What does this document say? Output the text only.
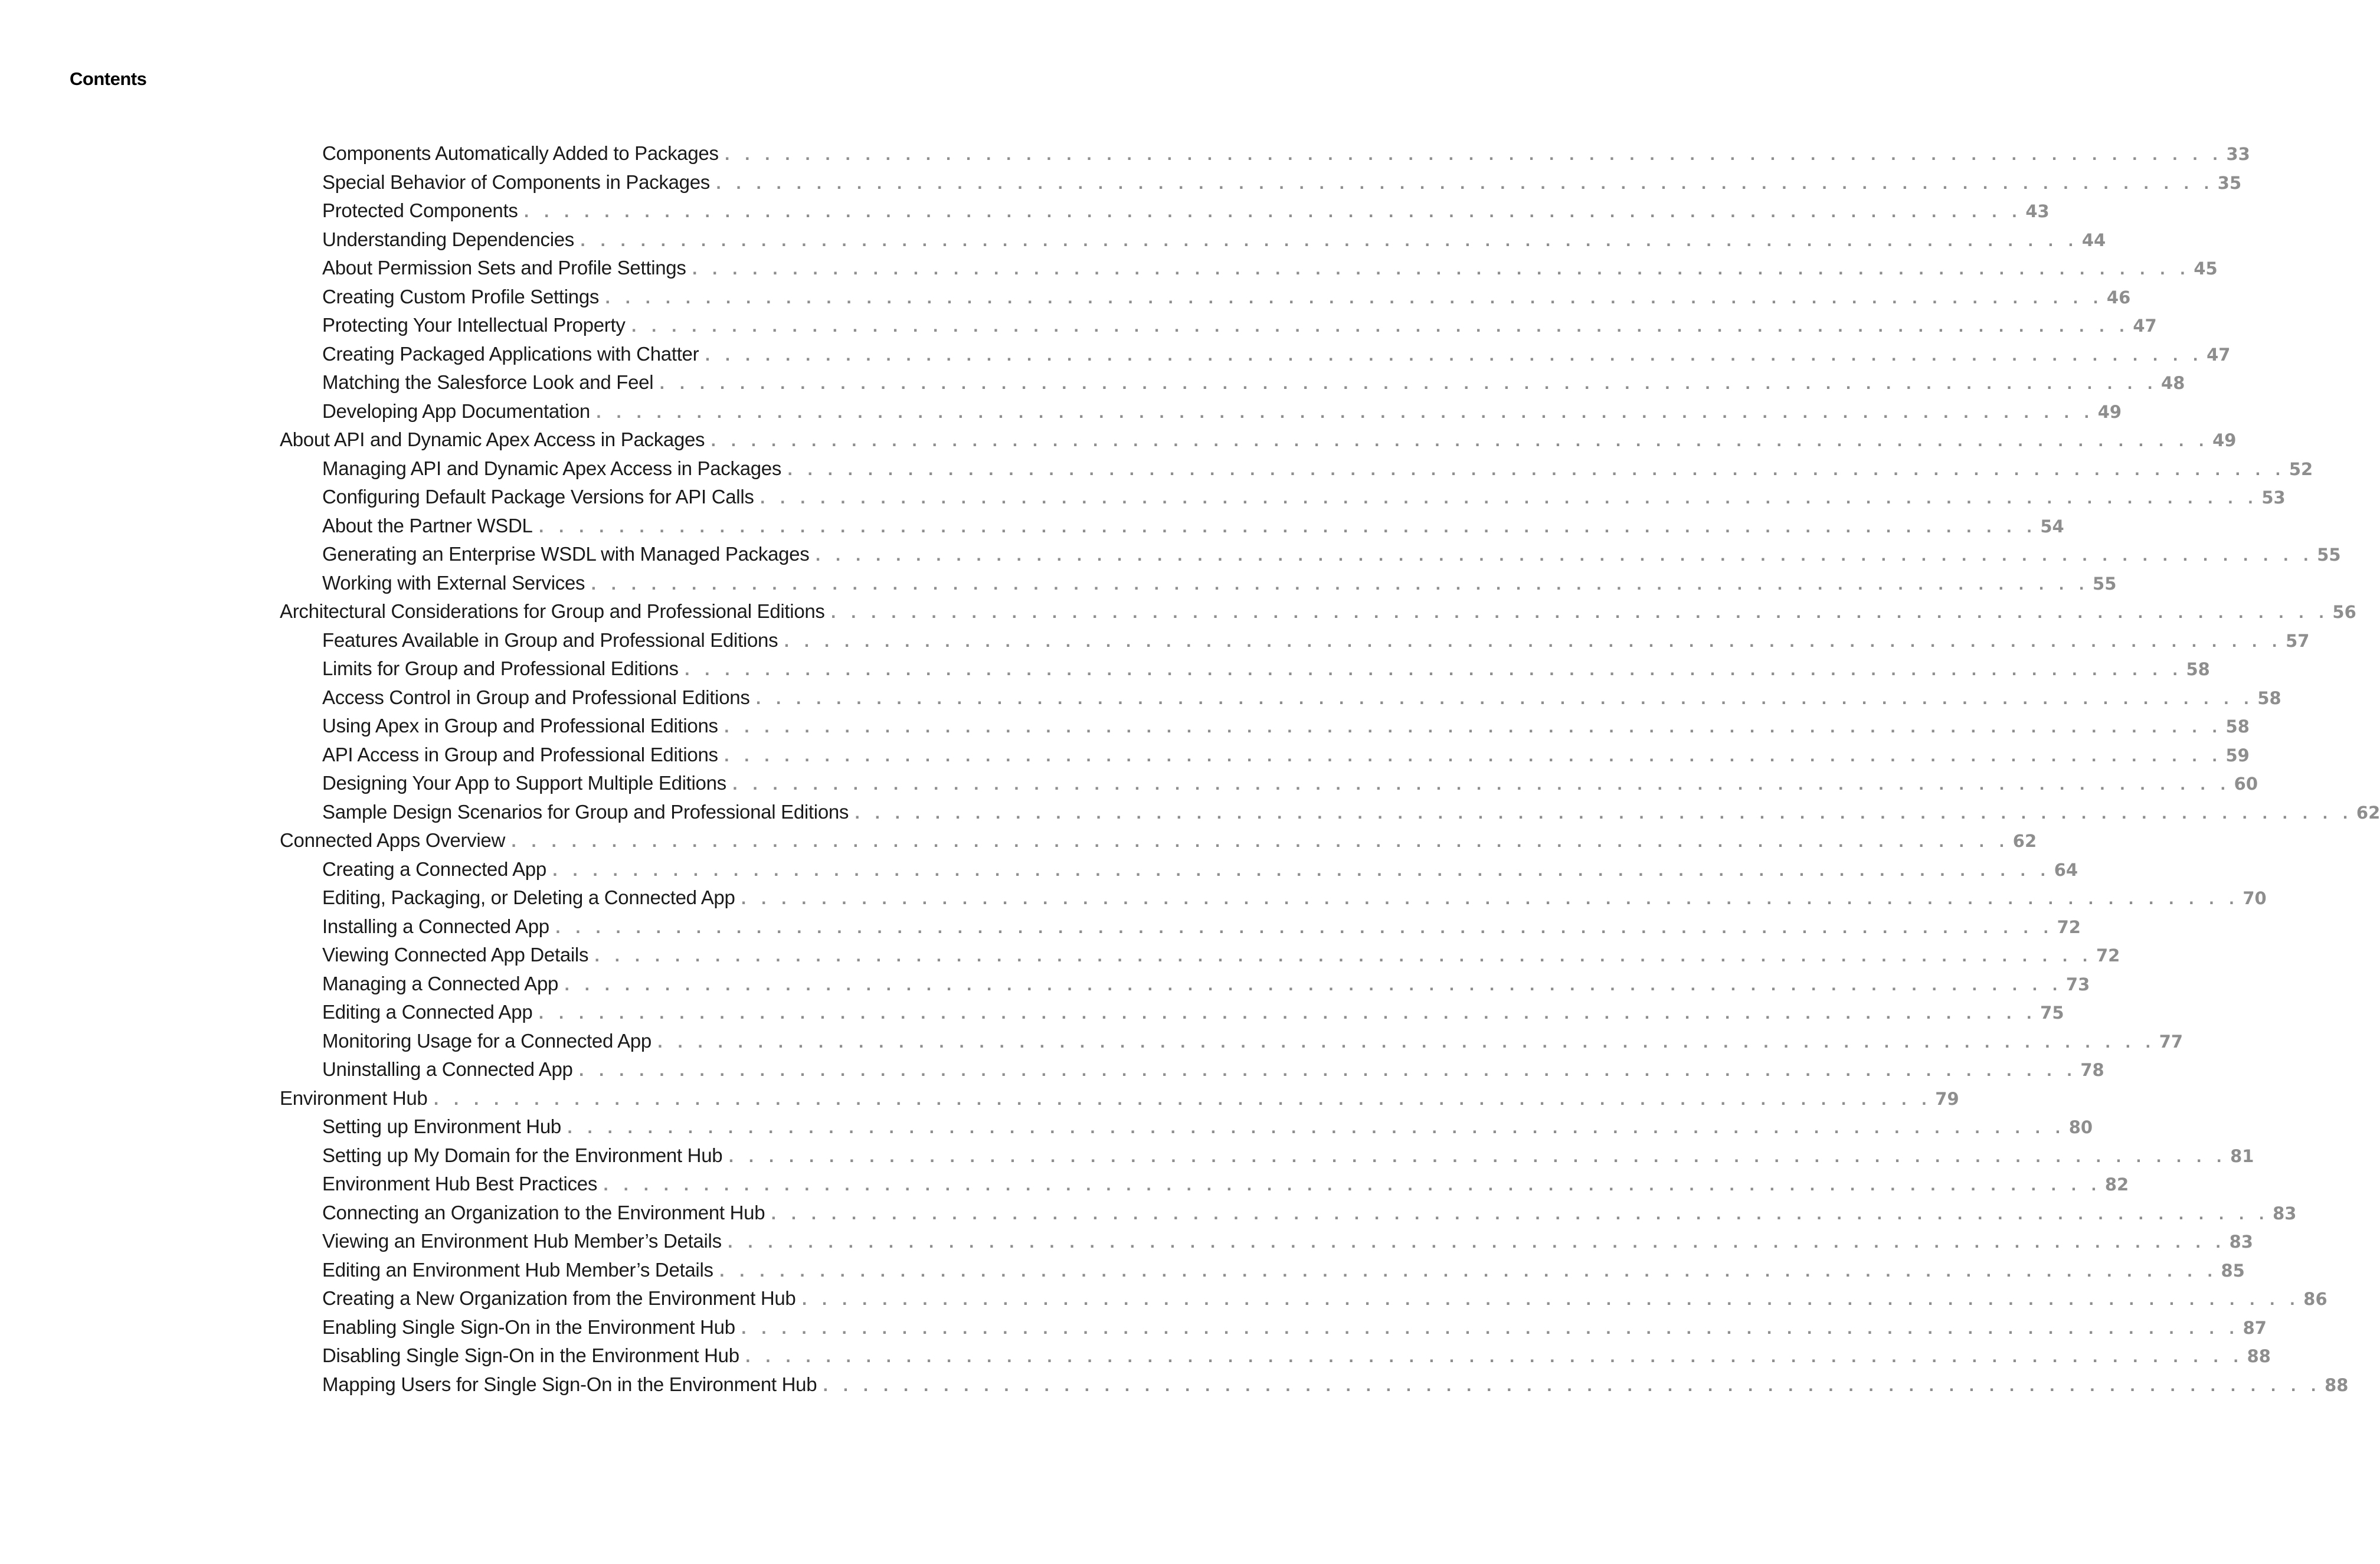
Contents
Components Automatically Added to Packages . . . . . . . . . . . . . . . . . . . . . . . . . . . . . . . . . . . . . . . . . . . . . . . . . . . . . . . . . . . . . . . . . . . . . . . . . . . 33
Special Behavior of Components in Packages . . . . . . . . . . . . . . . . . . . . . . . . . . . . . . . . . . . . . . . . . . . . . . . . . . . . . . . . . . . . . . . . . . . . . . . . . . . 35
Protected Components . . . . . . . . . . . . . . . . . . . . . . . . . . . . . . . . . . . . . . . . . . . . . . . . . . . . . . . . . . . . . . . . . . . . . . . . . . . 43
Understanding Dependencies . . . . . . . . . . . . . . . . . . . . . . . . . . . . . . . . . . . . . . . . . . . . . . . . . . . . . . . . . . . . . . . . . . . . . . . . . . . 44
About Permission Sets and Profile Settings . . . . . . . . . . . . . . . . . . . . . . . . . . . . . . . . . . . . . . . . . . . . . . . . . . . . . . . . . . . . . . . . . . . . . . . . . . . 45
Creating Custom Profile Settings . . . . . . . . . . . . . . . . . . . . . . . . . . . . . . . . . . . . . . . . . . . . . . . . . . . . . . . . . . . . . . . . . . . . . . . . . . . 46
Protecting Your Intellectual Property . . . . . . . . . . . . . . . . . . . . . . . . . . . . . . . . . . . . . . . . . . . . . . . . . . . . . . . . . . . . . . . . . . . . . . . . . . . 47
Creating Packaged Applications with Chatter . . . . . . . . . . . . . . . . . . . . . . . . . . . . . . . . . . . . . . . . . . . . . . . . . . . . . . . . . . . . . . . . . . . . . . . . . . . 47
Matching the Salesforce Look and Feel . . . . . . . . . . . . . . . . . . . . . . . . . . . . . . . . . . . . . . . . . . . . . . . . . . . . . . . . . . . . . . . . . . . . . . . . . . . 48
Developing App Documentation . . . . . . . . . . . . . . . . . . . . . . . . . . . . . . . . . . . . . . . . . . . . . . . . . . . . . . . . . . . . . . . . . . . . . . . . . . . 49
About API and Dynamic Apex Access in Packages . . . . . . . . . . . . . . . . . . . . . . . . . . . . . . . . . . . . . . . . . . . . . . . . . . . . . . . . . . . . . . . . . . . . . . . . . . . 49
Managing API and Dynamic Apex Access in Packages . . . . . . . . . . . . . . . . . . . . . . . . . . . . . . . . . . . . . . . . . . . . . . . . . . . . . . . . . . . . . . . . . . . . . . . . . . . 52
Configuring Default Package Versions for API Calls . . . . . . . . . . . . . . . . . . . . . . . . . . . . . . . . . . . . . . . . . . . . . . . . . . . . . . . . . . . . . . . . . . . . . . . . . . . 53
About the Partner WSDL . . . . . . . . . . . . . . . . . . . . . . . . . . . . . . . . . . . . . . . . . . . . . . . . . . . . . . . . . . . . . . . . . . . . . . . . . . . 54
Generating an Enterprise WSDL with Managed Packages . . . . . . . . . . . . . . . . . . . . . . . . . . . . . . . . . . . . . . . . . . . . . . . . . . . . . . . . . . . . . . . . . . . . . . . . . . . 55
Working with External Services . . . . . . . . . . . . . . . . . . . . . . . . . . . . . . . . . . . . . . . . . . . . . . . . . . . . . . . . . . . . . . . . . . . . . . . . . . . 55
Architectural Considerations for Group and Professional Editions . . . . . . . . . . . . . . . . . . . . . . . . . . . . . . . . . . . . . . . . . . . . . . . . . . . . . . . . . . . . . . . . . . . . . . . . . . . 56
Features Available in Group and Professional Editions . . . . . . . . . . . . . . . . . . . . . . . . . . . . . . . . . . . . . . . . . . . . . . . . . . . . . . . . . . . . . . . . . . . . . . . . . . . 57
Limits for Group and Professional Editions . . . . . . . . . . . . . . . . . . . . . . . . . . . . . . . . . . . . . . . . . . . . . . . . . . . . . . . . . . . . . . . . . . . . . . . . . . . 58
Access Control in Group and Professional Editions . . . . . . . . . . . . . . . . . . . . . . . . . . . . . . . . . . . . . . . . . . . . . . . . . . . . . . . . . . . . . . . . . . . . . . . . . . . 58
Using Apex in Group and Professional Editions . . . . . . . . . . . . . . . . . . . . . . . . . . . . . . . . . . . . . . . . . . . . . . . . . . . . . . . . . . . . . . . . . . . . . . . . . . . 58
API Access in Group and Professional Editions . . . . . . . . . . . . . . . . . . . . . . . . . . . . . . . . . . . . . . . . . . . . . . . . . . . . . . . . . . . . . . . . . . . . . . . . . . . 59
Designing Your App to Support Multiple Editions . . . . . . . . . . . . . . . . . . . . . . . . . . . . . . . . . . . . . . . . . . . . . . . . . . . . . . . . . . . . . . . . . . . . . . . . . . . 60
Sample Design Scenarios for Group and Professional Editions . . . . . . . . . . . . . . . . . . . . . . . . . . . . . . . . . . . . . . . . . . . . . . . . . . . . . . . . . . . . . . . . . . . . . . . . . . . 62
Connected Apps Overview . . . . . . . . . . . . . . . . . . . . . . . . . . . . . . . . . . . . . . . . . . . . . . . . . . . . . . . . . . . . . . . . . . . . . . . . . . . 62
Creating a Connected App . . . . . . . . . . . . . . . . . . . . . . . . . . . . . . . . . . . . . . . . . . . . . . . . . . . . . . . . . . . . . . . . . . . . . . . . . . . 64
Editing, Packaging, or Deleting a Connected App . . . . . . . . . . . . . . . . . . . . . . . . . . . . . . . . . . . . . . . . . . . . . . . . . . . . . . . . . . . . . . . . . . . . . . . . . . . 70
Installing a Connected App . . . . . . . . . . . . . . . . . . . . . . . . . . . . . . . . . . . . . . . . . . . . . . . . . . . . . . . . . . . . . . . . . . . . . . . . . . . 72
Viewing Connected App Details . . . . . . . . . . . . . . . . . . . . . . . . . . . . . . . . . . . . . . . . . . . . . . . . . . . . . . . . . . . . . . . . . . . . . . . . . . . 72
Managing a Connected App . . . . . . . . . . . . . . . . . . . . . . . . . . . . . . . . . . . . . . . . . . . . . . . . . . . . . . . . . . . . . . . . . . . . . . . . . . . 73
Editing a Connected App . . . . . . . . . . . . . . . . . . . . . . . . . . . . . . . . . . . . . . . . . . . . . . . . . . . . . . . . . . . . . . . . . . . . . . . . . . . 75
Monitoring Usage for a Connected App . . . . . . . . . . . . . . . . . . . . . . . . . . . . . . . . . . . . . . . . . . . . . . . . . . . . . . . . . . . . . . . . . . . . . . . . . . . 77
Uninstalling a Connected App . . . . . . . . . . . . . . . . . . . . . . . . . . . . . . . . . . . . . . . . . . . . . . . . . . . . . . . . . . . . . . . . . . . . . . . . . . . 78
Environment Hub . . . . . . . . . . . . . . . . . . . . . . . . . . . . . . . . . . . . . . . . . . . . . . . . . . . . . . . . . . . . . . . . . . . . . . . . . . . 79
Setting up Environment Hub . . . . . . . . . . . . . . . . . . . . . . . . . . . . . . . . . . . . . . . . . . . . . . . . . . . . . . . . . . . . . . . . . . . . . . . . . . . 80
Setting up My Domain for the Environment Hub . . . . . . . . . . . . . . . . . . . . . . . . . . . . . . . . . . . . . . . . . . . . . . . . . . . . . . . . . . . . . . . . . . . . . . . . . . . 81
Environment Hub Best Practices . . . . . . . . . . . . . . . . . . . . . . . . . . . . . . . . . . . . . . . . . . . . . . . . . . . . . . . . . . . . . . . . . . . . . . . . . . . 82
Connecting an Organization to the Environment Hub . . . . . . . . . . . . . . . . . . . . . . . . . . . . . . . . . . . . . . . . . . . . . . . . . . . . . . . . . . . . . . . . . . . . . . . . . . . 83
Viewing an Environment Hub Member’s Details . . . . . . . . . . . . . . . . . . . . . . . . . . . . . . . . . . . . . . . . . . . . . . . . . . . . . . . . . . . . . . . . . . . . . . . . . . . 83
Editing an Environment Hub Member’s Details . . . . . . . . . . . . . . . . . . . . . . . . . . . . . . . . . . . . . . . . . . . . . . . . . . . . . . . . . . . . . . . . . . . . . . . . . . . 85
Creating a New Organization from the Environment Hub . . . . . . . . . . . . . . . . . . . . . . . . . . . . . . . . . . . . . . . . . . . . . . . . . . . . . . . . . . . . . . . . . . . . . . . . . . . 86
Enabling Single Sign-On in the Environment Hub . . . . . . . . . . . . . . . . . . . . . . . . . . . . . . . . . . . . . . . . . . . . . . . . . . . . . . . . . . . . . . . . . . . . . . . . . . . 87
Disabling Single Sign-On in the Environment Hub . . . . . . . . . . . . . . . . . . . . . . . . . . . . . . . . . . . . . . . . . . . . . . . . . . . . . . . . . . . . . . . . . . . . . . . . . . . 88
Mapping Users for Single Sign-On in the Environment Hub . . . . . . . . . . . . . . . . . . . . . . . . . . . . . . . . . . . . . . . . . . . . . . . . . . . . . . . . . . . . . . . . . . . . . . . . . . . 88
